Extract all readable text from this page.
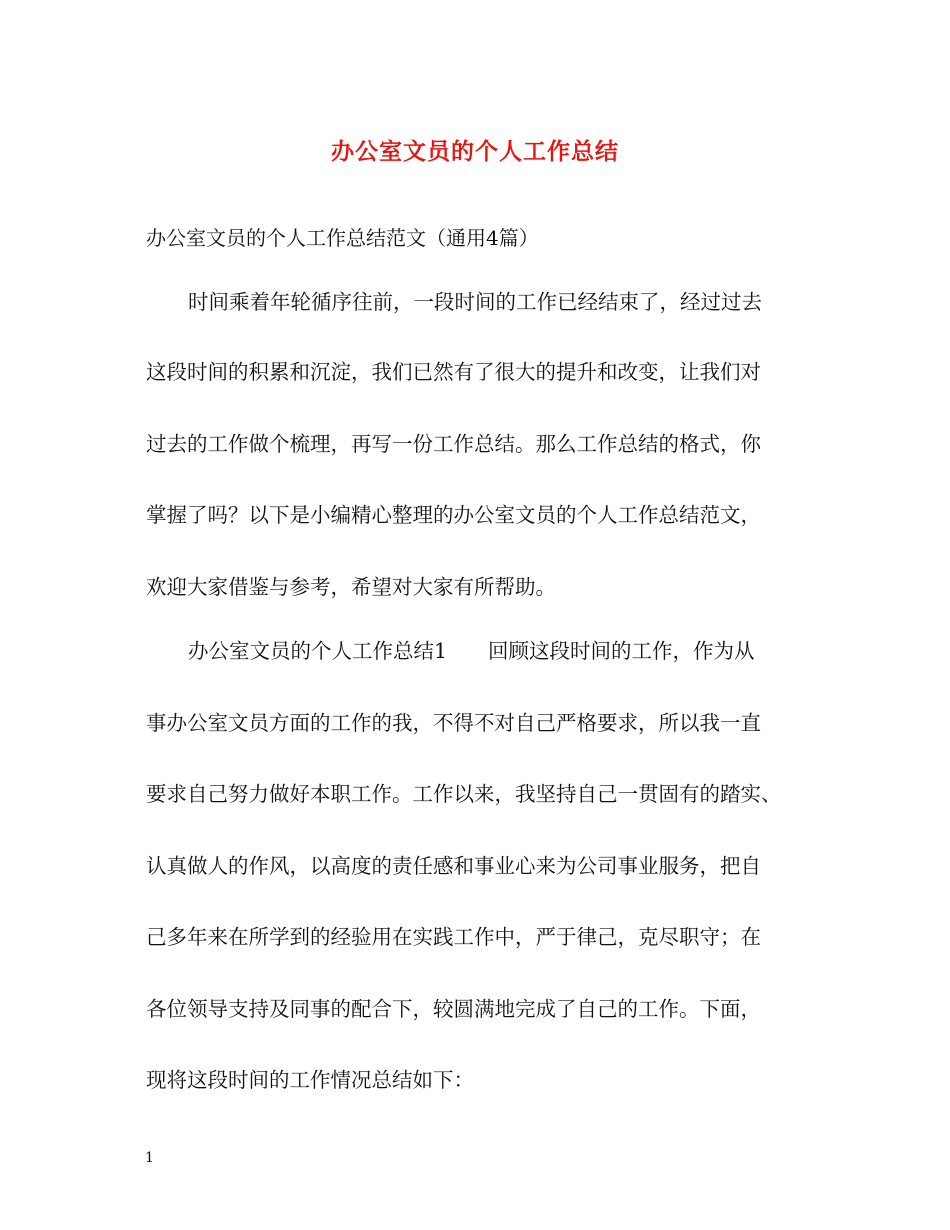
办公室文员的个人工作总结
办公室文员的个人工作总结范文（通用4篇）
时间乘着年轮循序往前，一段时间的工作已经结束了，经过过去
这段时间的积累和沉淀，我们已然有了很大的提升和改变，让我们对
过去的工作做个梳理，再写一份工作总结。那么工作总结的格式，你
掌握了吗？以下是小编精心整理的办公室文员的个人工作总结范文，
欢迎大家借鉴与参考，希望对大家有所帮助。
办公室文员的个人工作总结1　　回顾这段时间的工作，作为从
事办公室文员方面的工作的我，不得不对自己严格要求，所以我一直
要求自己努力做好本职工作。工作以来，我坚持自己一贯固有的踏实、
认真做人的作风，以高度的责任感和事业心来为公司事业服务，把自
己多年来在所学到的经验用在实践工作中，严于律己，克尽职守；在
各位领导支持及同事的配合下，较圆满地完成了自己的工作。下面，
现将这段时间的工作情况总结如下：
1
